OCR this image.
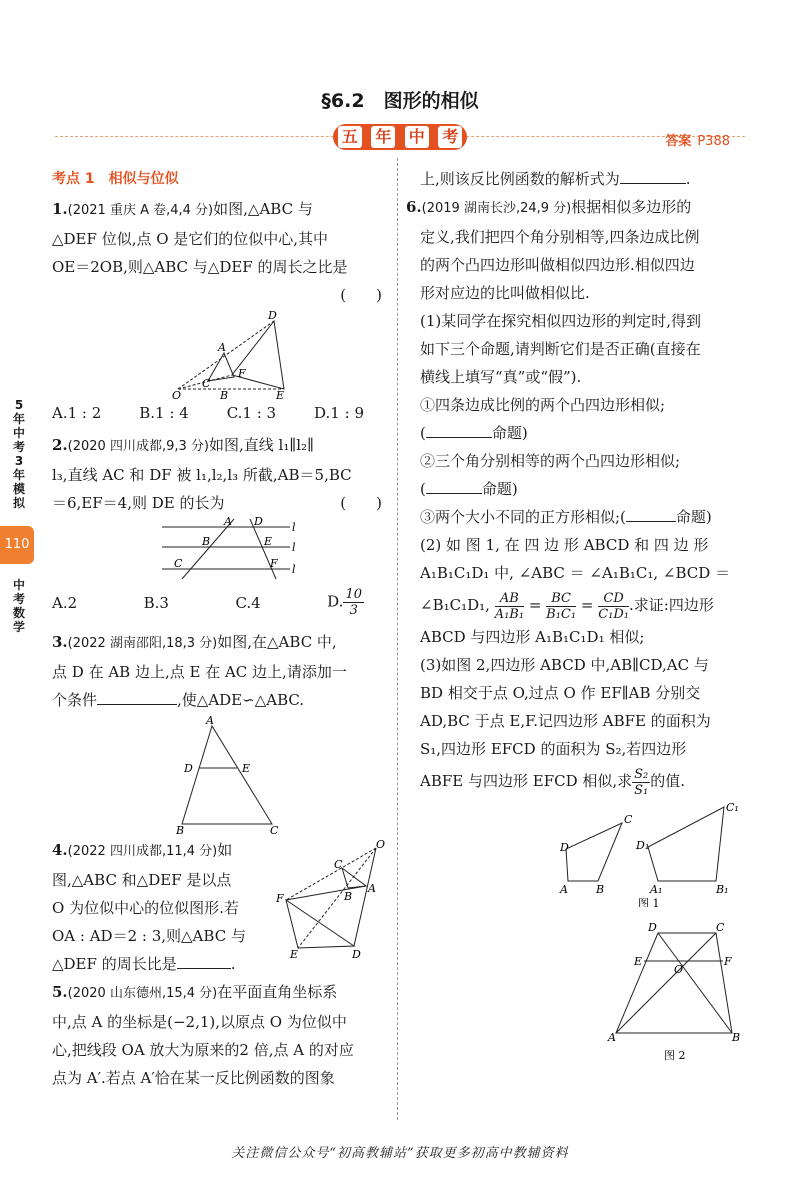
§6.2　图形的相似
五 年 中 考	答案 P388
5
年
中
考
3
年
模
拟
110
中
考
数
学

考点 1　相似与位似

1.(2021 重庆 A 卷,4,4 分)如图,△ABC 与

△DEF 位似,点 O 是它们的位似中心,其中

OE＝2OB,则△ABC 与△DEF 的周长之比是

(　　)

D
A
C
F
O	B	E

A.1 : 2	B.1 : 4	C.1 : 3	D.1 : 9

2.(2020 四川成都,9,3 分)如图,直线 l₁∥l₂∥

l₃,直线 AC 和 DF 被 l₁,l₂,l₃ 所截,AB＝5,BC

＝6,EF＝4,则 DE 的长为	(　　)

A
B
C
D
E
F
l
l
l

A.2	B.3	C.4	D. $\frac{10}{3}$

3.(2022 湖南邵阳,18,3 分)如图,在△ABC 中,

点 D 在 AB 边上,点 E 在 AC 边上,请添加一

个条件	,使△ADE∽△ABC.

A
D	E
B	C

4.(2022 四川成都,11,4 分)如

图,△ABC 和△DEF 是以点

O 为位似中心的位似图形.若

OA : AD＝2 : 3,则△ABC 与

△DEF 的周长比是	.

O
C
B
A
F
E	D

5.(2020 山东德州,15,4 分)在平面直角坐标系

中,点 A 的坐标是(−2,1),以原点 O 为位似中

心,把线段 OA 放大为原来的2 倍,点 A 的对应

点为 A′.若点 A′恰在某一反比例函数的图象

上,则该反比例函数的解析式为	.

6.(2019 湖南长沙,24,9 分)根据相似多边形的

定义,我们把四个角分别相等,四条边成比例

的两个凸四边形叫做相似四边形.相似四边

形对应边的比叫做相似比.

(1)某同学在探究相似四边形的判定时,得到

如下三个命题,请判断它们是否正确(直接在

横线上填写“真”或“假”).

①四条边成比例的两个凸四边形相似;

(	命题)

②三个角分别相等的两个凸四边形相似;

(	命题)

③两个大小不同的正方形相似;(	命题)

(2) 如 图 1, 在 四 边 形 ABCD 和 四 边 形

A₁B₁C₁D₁ 中, ∠ABC ＝ ∠A₁B₁C₁, ∠BCD ＝

∠B₁C₁D₁, $\frac{AB}{\text{A₁B₁}} = \frac{BC}{\text{B₁C₁}} = \frac{CD}{\text{C₁D₁}}$ .求证:四边形

ABCD 与四边形 A₁B₁C₁D₁ 相似;

(3)如图 2,四边形 ABCD 中,AB∥CD,AC 与

BD 相交于点 O,过点 O 作 EF∥AB 分别交

AD,BC 于点 E,F.记四边形 ABFE 的面积为

S₁,四边形 EFCD 的面积为 S₂,若四边形

ABFE 与四边形 EFCD 相似,求 $\frac{\text{S₂}}{\text{S₁}}$ 的值.

D
A	B
C
D₁
A₁	B₁
C₁
图 1
D	C
E	F
O
A	B
图 2
关注微信公众号“初高教辅站”获取更多初高中教辅资料
